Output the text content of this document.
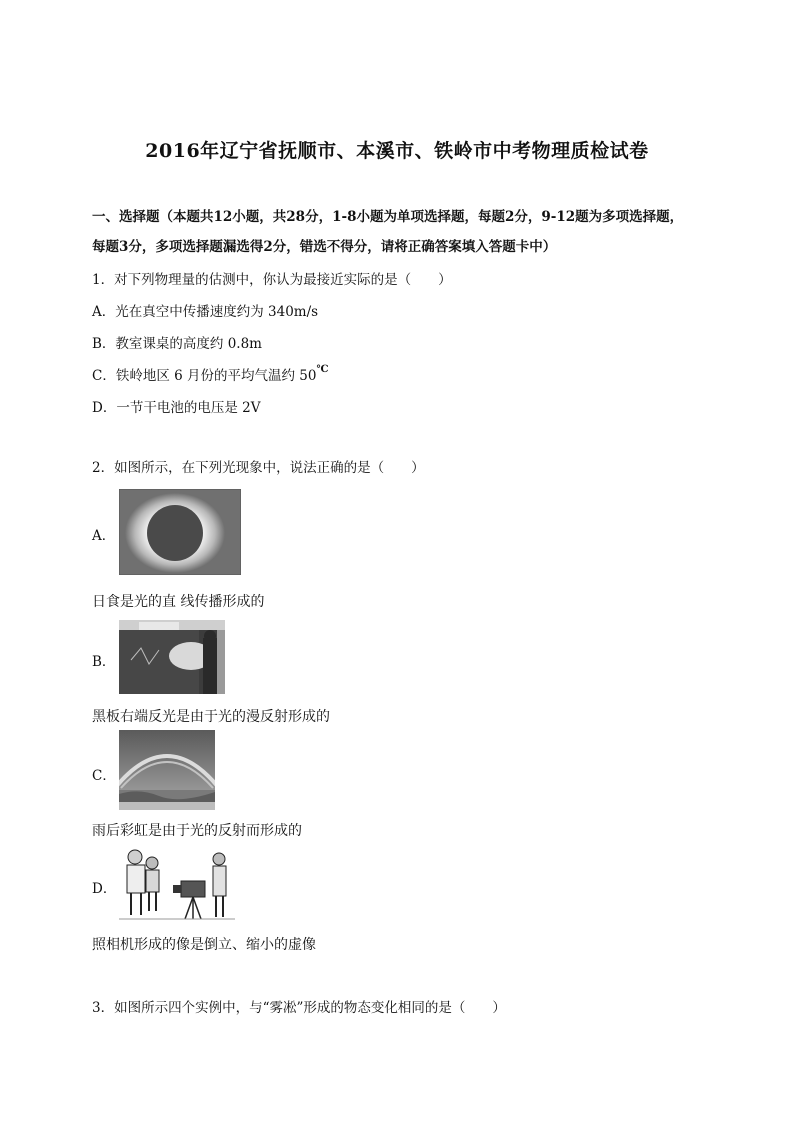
2016年辽宁省抚顺市、本溪市、铁岭市中考物理质检试卷
一、选择题（本题共12小题，共28分，1-8小题为单项选择题，每题2分，9-12题为多项选择题，
每题3分，多项选择题漏选得2分，错选不得分，请将正确答案填入答题卡中）
1．对下列物理量的估测中，你认为最接近实际的是（　　）
A．光在真空中传播速度约为 340m/s
B．教室课桌的高度约 0.8m
C．铁岭地区 6 月份的平均气温约 50℃
D．一节干电池的电压是 2V
2．如图所示，在下列光现象中，说法正确的是（　　）
A．
日食是光的直 线传播形成的
B．
黑板右端反光是由于光的漫反射形成的
C．
雨后彩虹是由于光的反射而形成的
D．
照相机形成的像是倒立、缩小的虚像
3．如图所示四个实例中，与“雾凇”形成的物态变化相同的是（　　）
